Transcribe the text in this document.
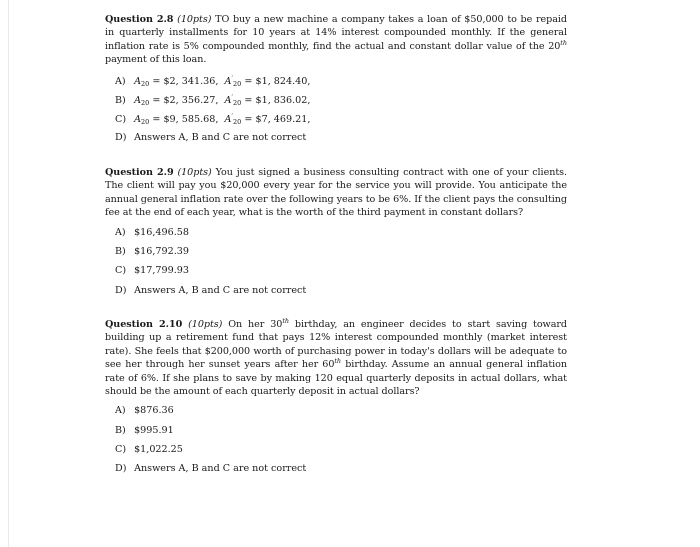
Question 2.8 (10pts) TO buy a new machine a company takes a loan of $50,000 to be repaid in quarterly installments for 10 years at 14% interest compounded monthly. If the general inflation rate is 5% compounded monthly, find the actual and constant dollar value of the 20th payment of this loan.

A) $A_{20}$ = $2, 341.36, $A'_{20}$ = $1, 824.40,
B) $A_{20}$ = $2, 356.27, $A'_{20}$ = $1, 836.02,
C) $A_{20}$ = $9, 585.68, $A'_{20}$ = $7, 469.21,
D) Answers A, B and C are not correct

Question 2.9 (10pts) You just signed a business consulting contract with one of your clients. The client will pay you $20,000 every year for the service you will provide. You anticipate the annual general inflation rate over the following years to be 6%. If the client pays the consulting fee at the end of each year, what is the worth of the third payment in constant dollars?

A) $16,496.58
B) $16,792.39
C) $17,799.93
D) Answers A, B and C are not correct

Question 2.10 (10pts) On her 30th birthday, an engineer decides to start saving toward building up a retirement fund that pays 12% interest compounded monthly (market interest rate). She feels that $200,000 worth of purchasing power in today's dollars will be adequate to see her through her sunset years after her 60th birthday. Assume an annual general inflation rate of 6%. If she plans to save by making 120 equal quarterly deposits in actual dollars, what should be the amount of each quarterly deposit in actual dollars?

A) $876.36
B) $995.91
C) $1,022.25
D) Answers A, B and C are not correct
